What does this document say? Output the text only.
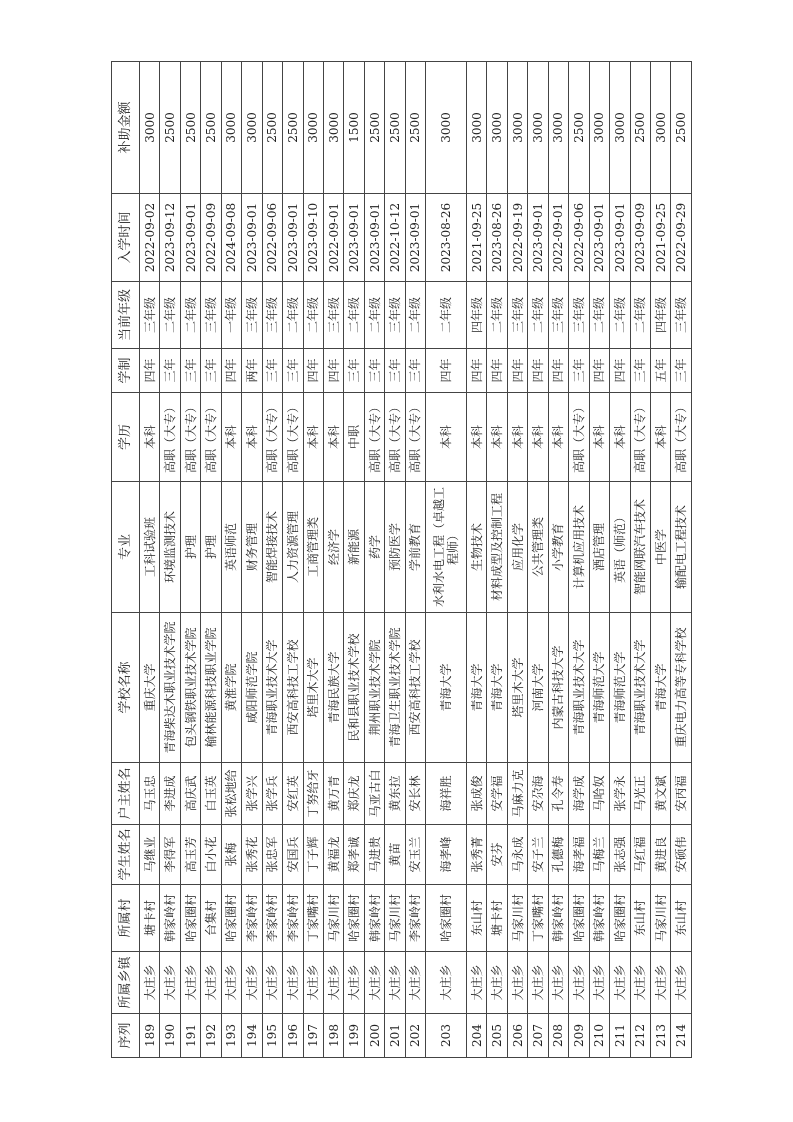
序列	所属乡镇	所属村	学生姓名	户主姓名	学校名称	专业	学历	学制	当前年级	入学时间	补助金额
189	大庄乡	塘卡村	马继业	马玉忠	重庆大学	工科试验班	本科	四年	三年级	2022-09-02	3000
190	大庄乡	韩家岭村	李得军	李进成	青海柴达木职业技术学院	环境监测技术	高职（大专）	三年	二年级	2023-09-12	2500
191	大庄乡	哈家圈村	高玉芳	高庆武	包头钢铁职业技术学院	护理	高职（大专）	三年	二年级	2023-09-01	2500
192	大庄乡	台集村	白小花	白玉英	榆林能源科技职业学院	护理	高职（大专）	三年	三年级	2022-09-09	2500
193	大庄乡	哈家圈村	张梅	张松地给	黄淮学院	英语师范	本科	四年	一年级	2024-09-08	3000
194	大庄乡	李家岭村	张秀花	张学兴	咸阳师范学院	财务管理	本科	两年	三年级	2023-09-01	3000
195	大庄乡	李家岭村	张忠军	张学兵	青海职业技术大学	智能焊接技术	高职（大专）	三年	三年级	2022-09-06	2500
196	大庄乡	李家岭村	安国兵	安红英	西安高科技工学校	人力资源管理	高职（大专）	三年	二年级	2023-09-01	2500
197	大庄乡	丁家嘴村	丁子辉	丁努给牙	塔里木大学	工商管理类	本科	四年	二年级	2023-09-10	3000
198	大庄乡	马家川村	黄福龙	黄万青	青海民族大学	经济学	本科	四年	三年级	2022-09-01	3000
199	大庄乡	哈家圈村	郑孝诚	郑庆龙	民和县职业技术学校	新能源	中职	三年	二年级	2023-09-01	1500
200	大庄乡	韩家岭村	马进贵	马亚古白	荆州职业技术学院	药学	高职（大专）	三年	二年级	2023-09-01	2500
201	大庄乡	马家川村	黄苗	黄东拉	青海卫生职业技术学院	预防医学	高职（大专）	三年	三年级	2022-10-12	2500
202	大庄乡	李家岭村	安玉兰	安长林	西安高科技工学校	学前教育	高职（大专）	三年	二年级	2023-09-01	2500
203	大庄乡	哈家圈村	海孝峰	海祥胜	青海大学	水利水电工程（卓越工程师）	本科	四年	二年级	2023-08-26	3000
204	大庄乡	东山村	张秀菁	张成俊	青海大学	生物技术	本科	四年	四年级	2021-09-25	3000
205	大庄乡	塘卡村	安芬	安学福	青海大学	材料成型及控制工程	本科	四年	二年级	2023-08-26	3000
206	大庄乡	马家川村	马永成	马麻力克	塔里木大学	应用化学	本科	四年	三年级	2022-09-19	3000
207	大庄乡	丁家嘴村	安子兰	安尕海	河南大学	公共管理类	本科	四年	二年级	2023-09-01	3000
208	大庄乡	韩家岭村	孔德梅	孔令寿	内蒙古科技大学	小学教育	本科	四年	三年级	2022-09-01	3000
209	大庄乡	哈家圈村	海孝福	海学成	青海职业技术大学	计算机应用技术	高职（大专）	三年	三年级	2022-09-06	2500
210	大庄乡	韩家岭村	马梅兰	马哈奴	青海师范大学	酒店管理	本科	四年	二年级	2023-09-01	3000
211	大庄乡	哈家圈村	张志强	张学永	青海师范大学	英语（师范）	本科	四年	二年级	2023-09-01	3000
212	大庄乡	东山村	马红福	马光正	青海职业技术大学	智能网联汽车技术	高职（大专）	三年	二年级	2023-09-09	2500
213	大庄乡	马家川村	黄进良	黄文斌	青海大学	中医学	本科	五年	四年级	2021-09-25	3000
214	大庄乡	东山村	安硕伟	安丙福	重庆电力高等专科学校	输配电工程技术	高职（大专）	三年	三年级	2022-09-29	2500
